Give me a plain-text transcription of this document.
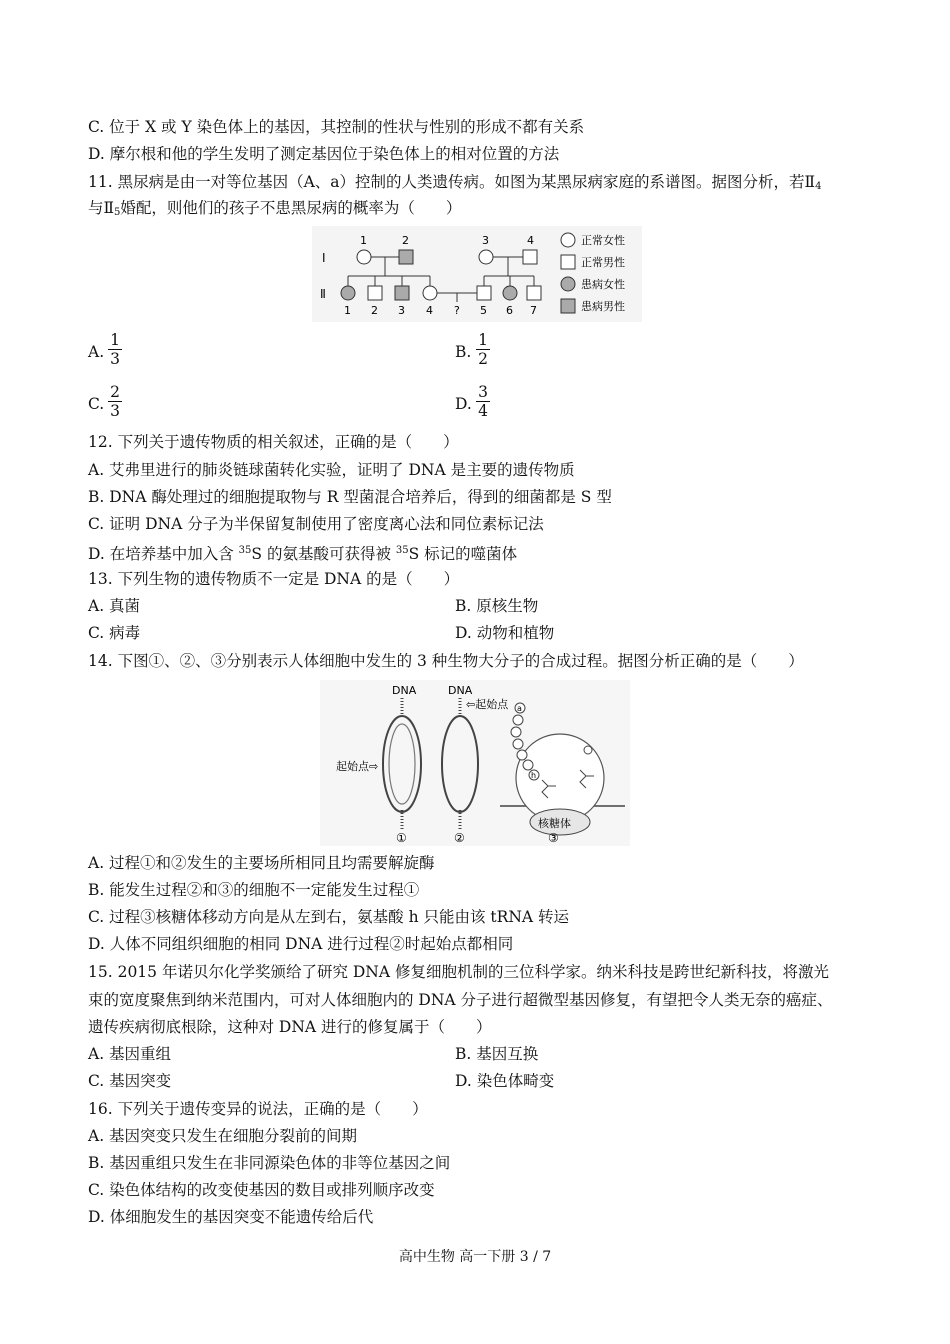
C. 位于 X 或 Y 染色体上的基因，其控制的性状与性别的形成不都有关系
D. 摩尔根和他的学生发明了测定基因位于染色体上的相对位置的方法
11. 黑尿病是由一对等位基因（A、a）控制的人类遗传病。如图为某黑尿病家庭的系谱图。据图分析，若$Ⅱ_4$
与$Ⅱ_5$婚配，则他们的孩子不患黑尿病的概率为（　　）
Ⅰ
Ⅱ
1	2	3	4
1 2 3 4 ? 5 6 7
正常女性
正常男性
患病女性
患病男性
A.
1
3	B.
1
2
C.
2
3	D.
3
4
12. 下列关于遗传物质的相关叙述，正确的是（　　）
A. 艾弗里进行的肺炎链球菌转化实验，证明了 DNA 是主要的遗传物质
B. DNA 酶处理过的细胞提取物与 R 型菌混合培养后，得到的细菌都是 S 型
C. 证明 DNA 分子为半保留复制使用了密度离心法和同位素标记法
D. 在培养基中加入含 $^{35}$S 的氨基酸可获得被 $^{35}$S 标记的噬菌体
13. 下列生物的遗传物质不一定是 DNA 的是（　　）
A. 真菌	B. 原核生物
C. 病毒	D. 动物和植物
14. 下图①、②、③分别表示人体细胞中发生的 3 种生物大分子的合成过程。据图分析正确的是（　　）
DNA
起始点⇨
①
DNA
⇦起始点
②
核糖体
a
h
③
A. 过程①和②发生的主要场所相同且均需要解旋酶
B. 能发生过程②和③的细胞不一定能发生过程①
C. 过程③核糖体移动方向是从左到右，氨基酸 h 只能由该 tRNA 转运
D. 人体不同组织细胞的相同 DNA 进行过程②时起始点都相同
15. 2015 年诺贝尔化学奖颁给了研究 DNA 修复细胞机制的三位科学家。纳米科技是跨世纪新科技，将激光
束的宽度聚焦到纳米范围内，可对人体细胞内的 DNA 分子进行超微型基因修复，有望把令人类无奈的癌症、
遗传疾病彻底根除，这种对 DNA 进行的修复属于（　　）
A. 基因重组	B. 基因互换
C. 基因突变	D. 染色体畸变
16. 下列关于遗传变异的说法，正确的是（　　）
A. 基因突变只发生在细胞分裂前的间期
B. 基因重组只发生在非同源染色体的非等位基因之间
C. 染色体结构的改变使基因的数目或排列顺序改变
D. 体细胞发生的基因突变不能遗传给后代
高中生物 高一下册 3 / 7
